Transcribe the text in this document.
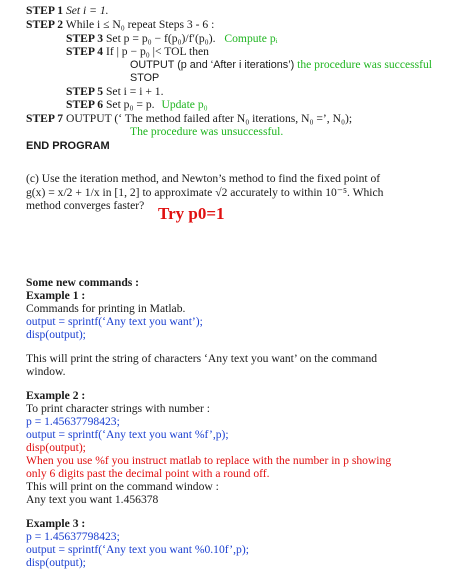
STEP 1 Set i = 1.
STEP 2 While i ≤ N₀ repeat Steps 3 - 6 :
STEP 3 Set p = p₀ − f(p₀)/f′(p₀). Compute pᵢ
STEP 4 If | p − p₀ |< TOL then
OUTPUT (p and ‘After i iterations’) the procedure was successful
STOP
STEP 5 Set i = i + 1.
STEP 6 Set p₀ = p. Update p₀
STEP 7 OUTPUT (‘ The method failed after N₀ iterations, N₀ =’, N₀);
The procedure was unsuccessful.
END PROGRAM
(c) Use the iteration method, and Newton’s method to find the fixed point of
g(x) = x/2 + 1/x in [1, 2] to approximate √2 accurately to within 10⁻⁵. Which
method converges faster? Try p0=1
Some new commands :
Example 1 :
Commands for printing in Matlab.
output = sprintf(‘Any text you want’);
disp(output);
This will print the string of characters ‘Any text you want’ on the command
window.
Example 2 :
To print character strings with number :
p = 1.45637798423;
output = sprintf(‘Any text you want %f’,p);
disp(output);
When you use %f you instruct matlab to replace with the number in p showing
only 6 digits past the decimal point with a round off.
This will print on the command window :
Any text you want 1.456378
Example 3 :
p = 1.45637798423;
output = sprintf(‘Any text you want %0.10f’,p);
disp(output);
